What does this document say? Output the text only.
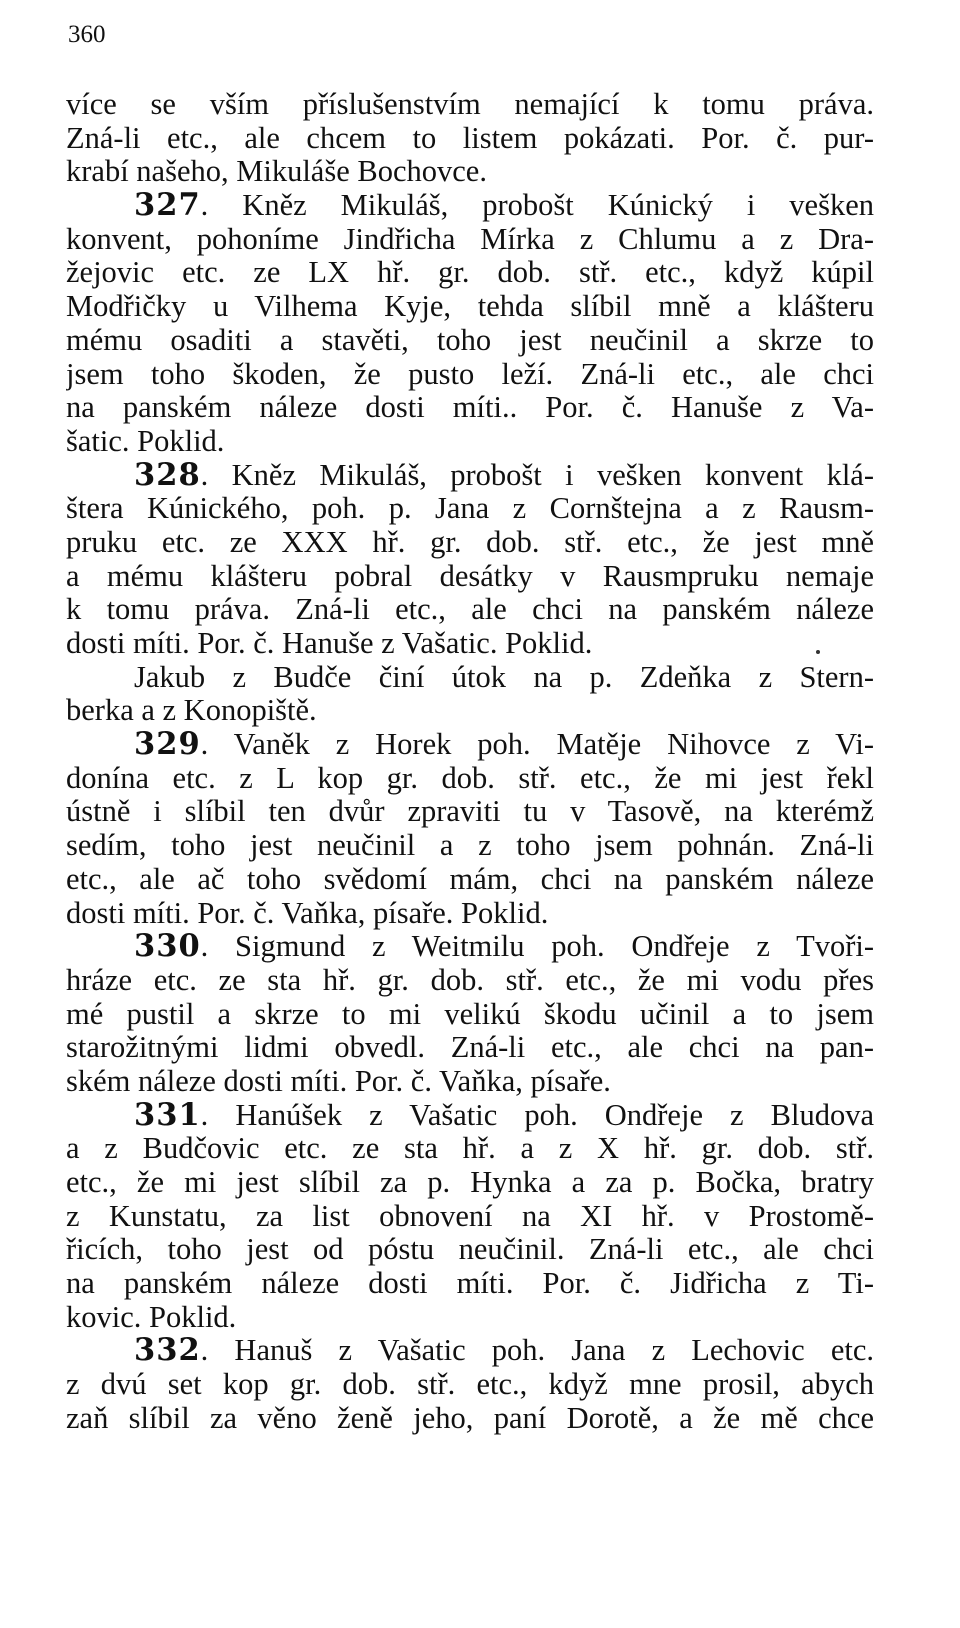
360
více se vším příslušenstvím nemající k tomu práva.
Zná-li etc., ale chcem to listem pokázati. Por. č. pur-
krabí našeho, Mikuláše Bochovce.
327. Kněz Mikuláš, probošt Kúnický i vešken
konvent, pohoníme Jindřicha Mírka z Chlumu a z Dra-
žejovic etc. ze LX hř. gr. dob. stř. etc., když kúpil
Modřičky u Vilhema Kyje, tehda slíbil mně a klášteru
mému osaditi a stavěti, toho jest neučinil a skrze to
jsem toho škoden, že pusto leží. Zná-li etc., ale chci
na panském náleze dosti míti.. Por. č. Hanuše z Va-
šatic. Poklid.
328. Kněz Mikuláš, probošt i vešken konvent klá-
štera Kúnického, poh. p. Jana z Cornštejna a z Rausm-
pruku etc. ze XXX hř. gr. dob. stř. etc., že jest mně
a mému klášteru pobral desátky v Rausmpruku nemaje
k tomu práva. Zná-li etc., ale chci na panském náleze
dosti míti. Por. č. Hanuše z Vašatic. Poklid.
Jakub z Budče činí útok na p. Zdeňka z Stern-
berka a z Konopiště.
329. Vaněk z Horek poh. Matěje Nihovce z Vi-
donína etc. z L kop gr. dob. stř. etc., že mi jest řekl
ústně i slíbil ten dvůr zpraviti tu v Tasově, na kterémž
sedím, toho jest neučinil a z toho jsem pohnán. Zná-li
etc., ale ač toho svědomí mám, chci na panském náleze
dosti míti. Por. č. Vaňka, písaře. Poklid.
330. Sigmund z Weitmilu poh. Ondřeje z Tvoři-
hráze etc. ze sta hř. gr. dob. stř. etc., že mi vodu přes
mé pustil a skrze to mi velikú škodu učinil a to jsem
starožitnými lidmi obvedl. Zná-li etc., ale chci na pan-
ském náleze dosti míti. Por. č. Vaňka, písaře.
331. Hanúšek z Vašatic poh. Ondřeje z Bludova
a z Budčovic etc. ze sta hř. a z X hř. gr. dob. stř.
etc., že mi jest slíbil za p. Hynka a za p. Bočka, bratry
z Kunstatu, za list obnovení na XI hř. v Prostomě-
řicích, toho jest od póstu neučinil. Zná-li etc., ale chci
na panském náleze dosti míti. Por. č. Jidřicha z Ti-
kovic. Poklid.
332. Hanuš z Vašatic poh. Jana z Lechovic etc.
z dvú set kop gr. dob. stř. etc., když mne prosil, abych
zaň slíbil za věno ženě jeho, paní Dorotě, a že mě chce
